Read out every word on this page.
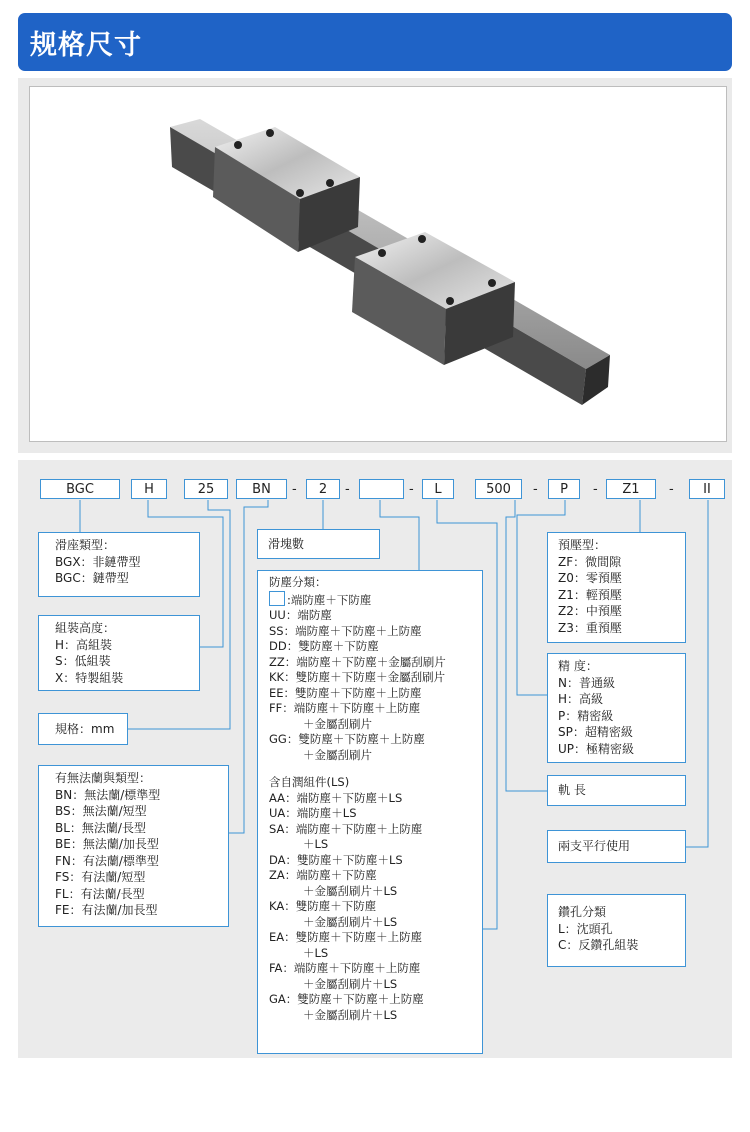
规格尺寸
BGC	H	25	BN	-	2	-	-	L	500	-	P	-	Z1	-	II
滑座類型：
BGX：非鏈帶型
BGC：鏈帶型
組裝高度：
H：高組裝
S：低組裝
X：特製組裝
規格：mm
有無法蘭與類型：
BN：無法蘭/標準型
BS：無法蘭/短型
BL：無法蘭/長型
BE：無法蘭/加長型
FN：有法蘭/標準型
FS：有法蘭/短型
FL：有法蘭/長型
FE：有法蘭/加長型
滑塊數
防塵分類：
:端防塵＋下防塵
UU：端防塵
SS：端防塵＋下防塵＋上防塵
DD：雙防塵＋下防塵
ZZ：端防塵＋下防塵＋金屬刮刷片
KK：雙防塵＋下防塵＋金屬刮刷片
EE：雙防塵＋下防塵＋上防塵
FF：端防塵＋下防塵＋上防塵
＋金屬刮刷片
GG：雙防塵＋下防塵＋上防塵
＋金屬刮刷片
含自潤組件(LS)
AA：端防塵＋下防塵＋LS
UA：端防塵＋LS
SA：端防塵＋下防塵＋上防塵
＋LS
DA：雙防塵＋下防塵＋LS
ZA：端防塵＋下防塵
＋金屬刮刷片＋LS
KA：雙防塵＋下防塵
＋金屬刮刷片＋LS
EA：雙防塵＋下防塵＋上防塵
＋LS
FA：端防塵＋下防塵＋上防塵
＋金屬刮刷片＋LS
GA：雙防塵＋下防塵＋上防塵
＋金屬刮刷片＋LS
預壓型：
ZF：微間隙
Z0：零預壓
Z1：輕預壓
Z2：中預壓
Z3：重預壓
精 度：
N：普通級
H：高級
P：精密級
SP：超精密級
UP：極精密級
軌 長
兩支平行使用
鑽孔分類
L：沈頭孔
C：反鑽孔組裝
